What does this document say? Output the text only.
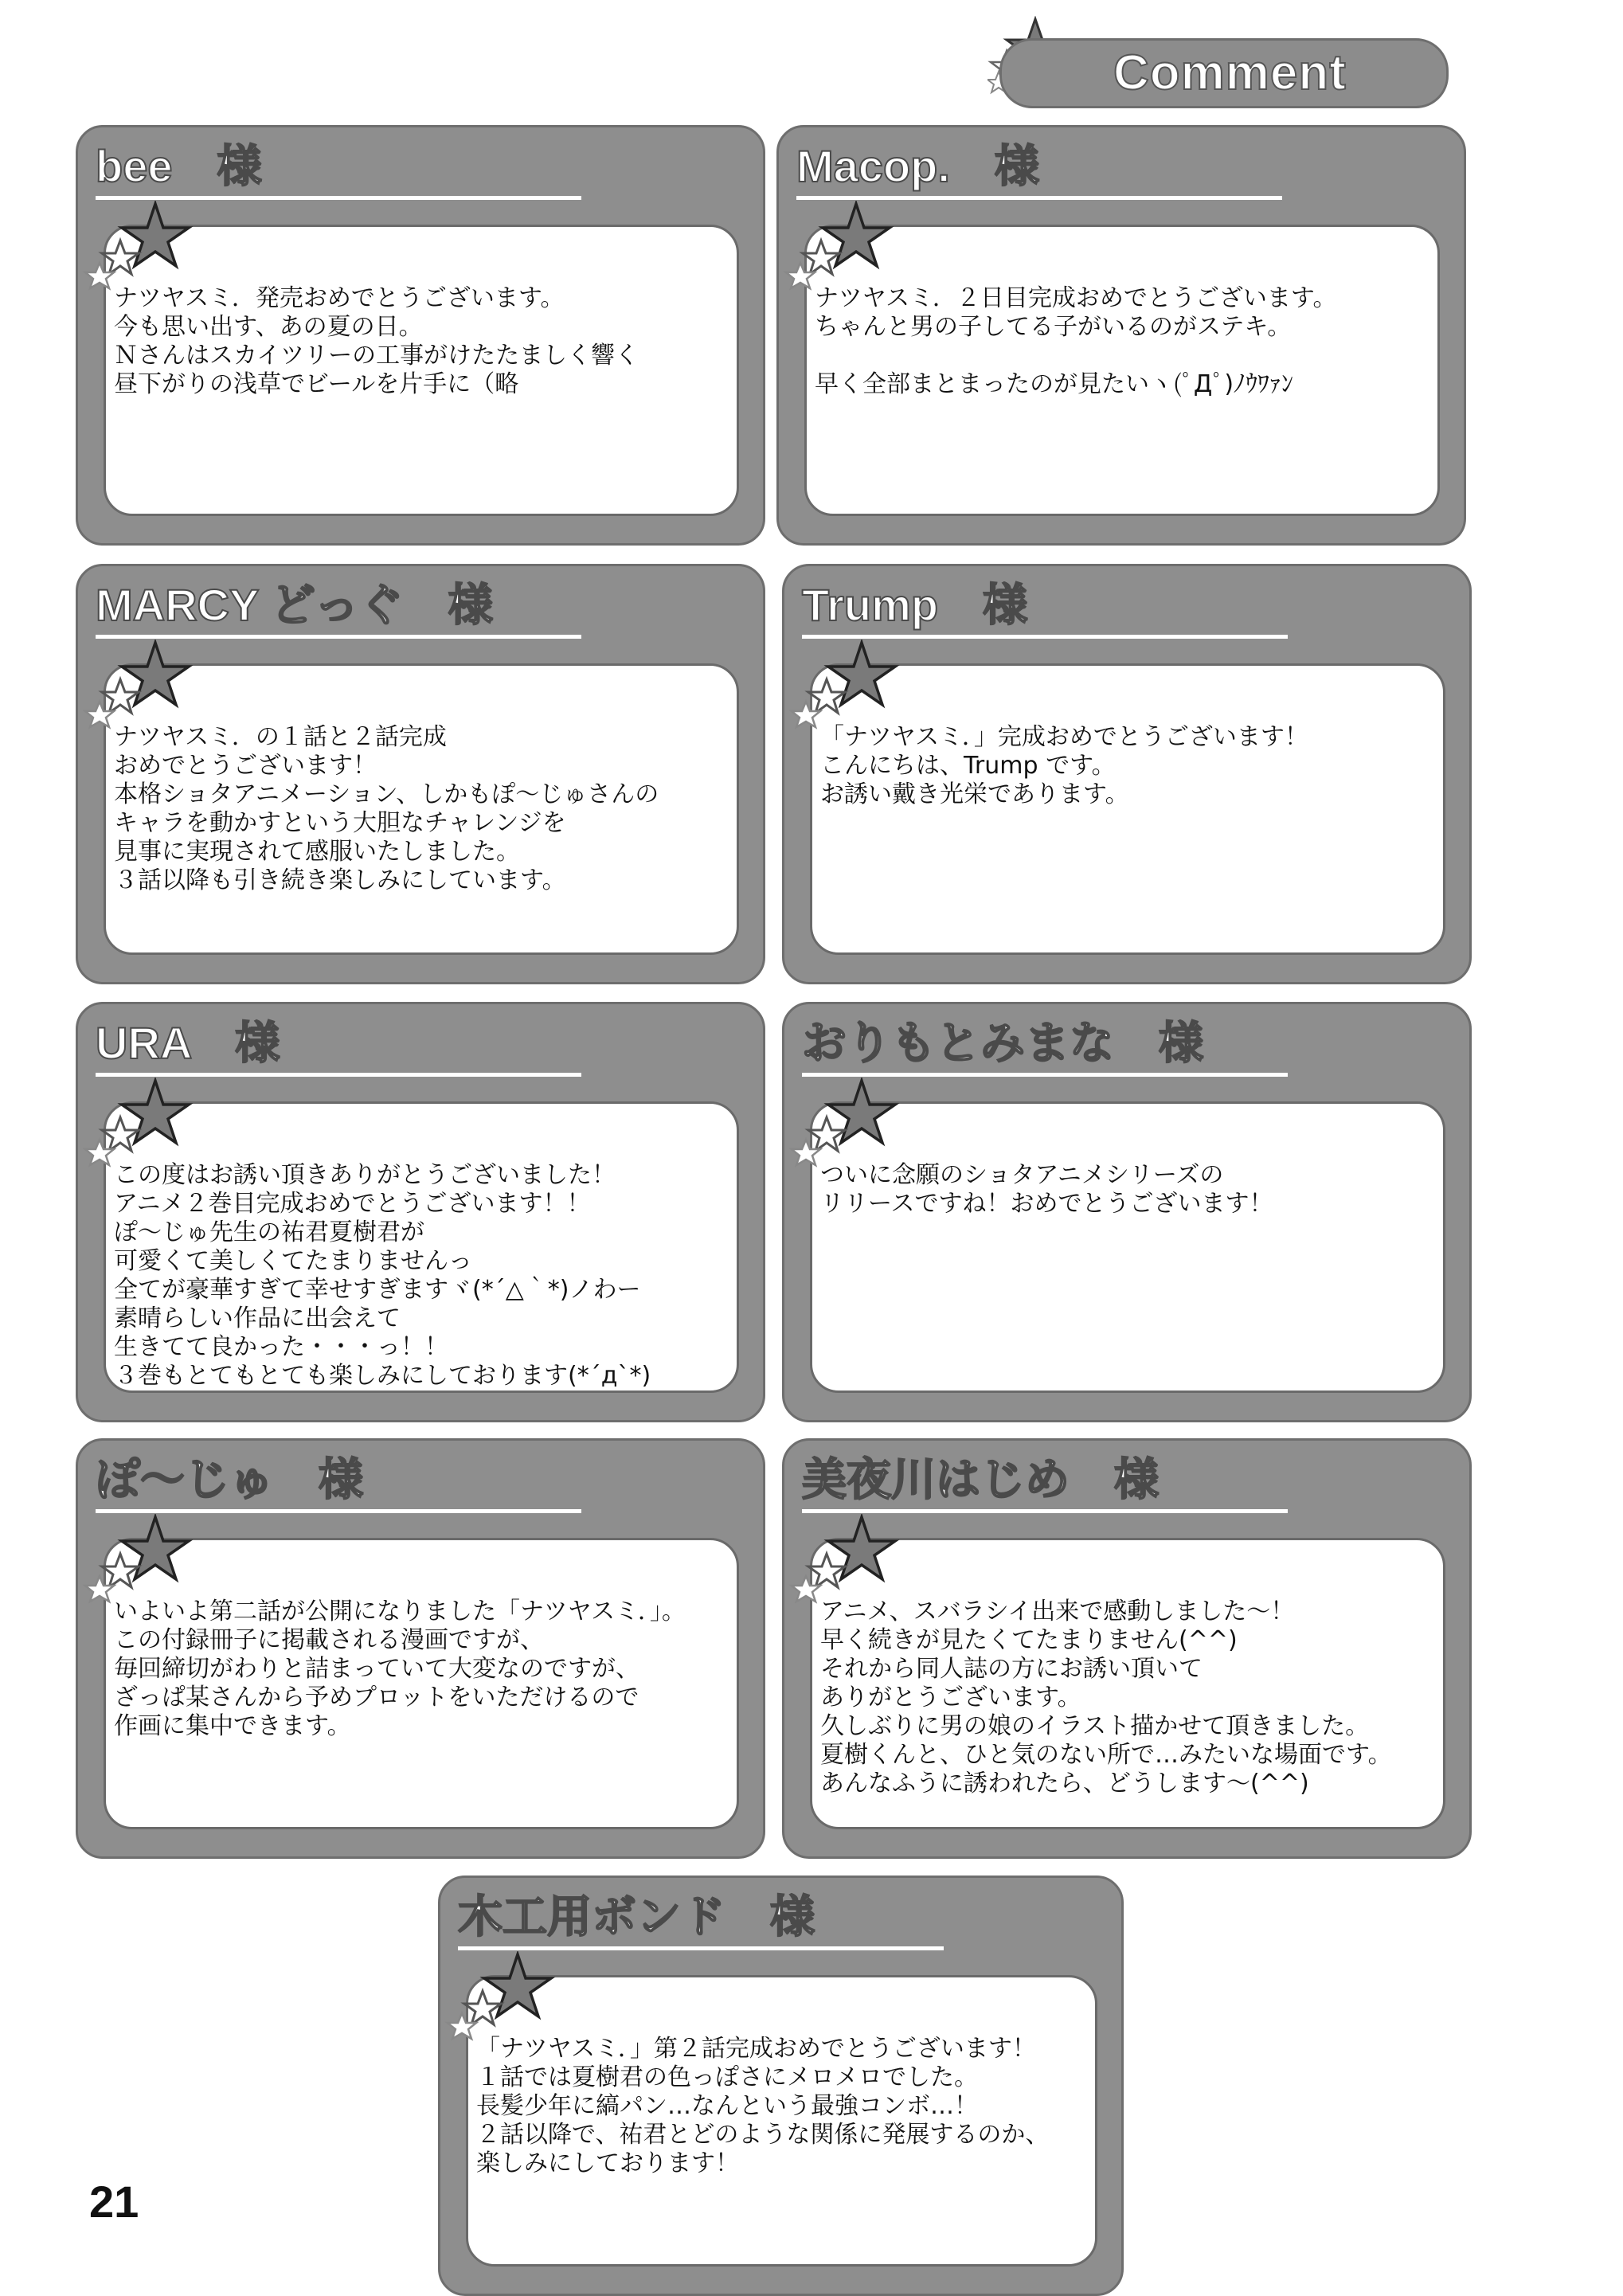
Comment
bee　様

ナツヤスミ．発売おめでとうございます。
今も思い出す、あの夏の日。
Ｎさんはスカイツリーの工事がけたたましく響く
昼下がりの浅草でビールを片手に（略

Macop.　様

ナツヤスミ．２日目完成おめでとうございます。
ちゃんと男の子してる子がいるのがステキ。

早く全部まとまったのが見たいヽ(ﾟДﾟ)ﾉｳﾜｧﾝ

MARCY どっぐ　様

ナツヤスミ．の１話と２話完成
おめでとうございます！
本格ショタアニメーション、しかもぽ～じゅさんの
キャラを動かすという大胆なチャレンジを
見事に実現されて感服いたしました。
３話以降も引き続き楽しみにしています。

Trump　様

「ナツヤスミ．」完成おめでとうございます！
こんにちは、Trump です。
お誘い戴き光栄であります。

URA　様

この度はお誘い頂きありがとうございました！
アニメ２巻目完成おめでとうございます！！
ぽ～じゅ先生の祐君夏樹君が
可愛くて美しくてたまりませんっ
全てが豪華すぎて幸せすぎますヾ(*´△｀*)ノわー
素晴らしい作品に出会えて
生きてて良かった・・・っ！！
３巻もとてもとても楽しみにしております(*´д`*)

おりもとみまな　様

ついに念願のショタアニメシリーズの
リリースですね！おめでとうございます！

ぽ～じゅ　様

いよいよ第二話が公開になりました「ナツヤスミ．」。
この付録冊子に掲載される漫画ですが、
毎回締切がわりと詰まっていて大変なのですが、
ざっぱ某さんから予めプロットをいただけるので
作画に集中できます。

美夜川はじめ　様

アニメ、スバラシイ出来で感動しました～！
早く続きが見たくてたまりません(^^)
それから同人誌の方にお誘い頂いて
ありがとうございます。
久しぶりに男の娘のイラスト描かせて頂きました。
夏樹くんと、ひと気のない所で…みたいな場面です。
あんなふうに誘われたら、どうします～(^^)

木工用ボンド　様

「ナツヤスミ．」第２話完成おめでとうございます！
１話では夏樹君の色っぽさにメロメロでした。
長髪少年に縞パン…なんという最強コンボ…！
２話以降で、祐君とどのような関係に発展するのか、
楽しみにしております！

21
